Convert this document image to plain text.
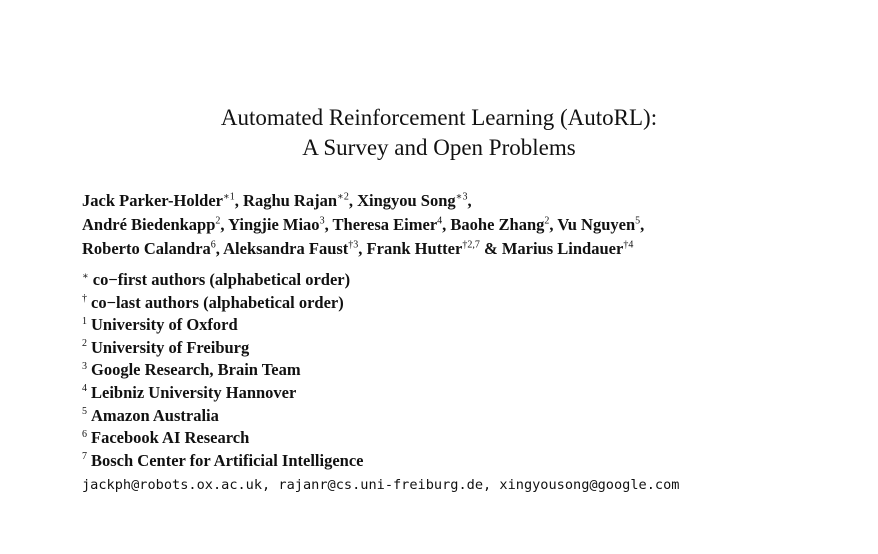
Automated Reinforcement Learning (AutoRL):
A Survey and Open Problems
Jack Parker-Holder$^{∗1}$, Raghu Rajan$^{∗2}$, Xingyou Song$^{∗3}$,
André Biedenkapp$^2$, Yingjie Miao$^3$, Theresa Eimer$^4$, Baohe Zhang$^2$, Vu Nguyen$^5$,
Roberto Calandra$^6$, Aleksandra Faust$^{\dagger 3}$, Frank Hutter$^{\dagger 2,7}$ & Marius Lindauer$^{\dagger 4}$
∗ co−first authors (alphabetical order)
† co−last authors (alphabetical order)
$^1$ University of Oxford
$^2$ University of Freiburg
$^3$ Google Research, Brain Team
$^4$ Leibniz University Hannover
$^5$ Amazon Australia
$^6$ Facebook AI Research
$^7$ Bosch Center for Artificial Intelligence
jackph@robots.ox.ac.uk, rajanr@cs.uni-freiburg.de, xingyousong@google.com
